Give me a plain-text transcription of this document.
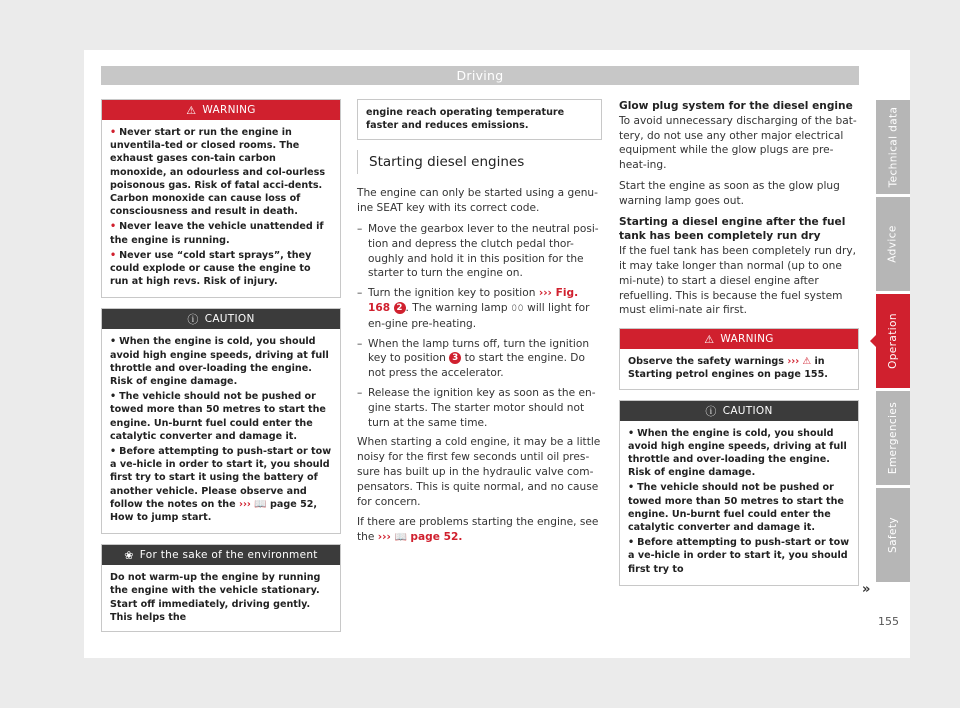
Driving
⚠ WARNING

• Never start or run the engine in unventila-ted or closed rooms. The exhaust gases con-tain carbon monoxide, an odourless and col-ourless poisonous gas. Risk of fatal acci-dents. Carbon monoxide can cause loss of consciousness and result in death.

• Never leave the vehicle unattended if the engine is running.

• Never use “cold start sprays”, they could explode or cause the engine to run at high revs. Risk of injury.

ⓘ CAUTION

• When the engine is cold, you should avoid high engine speeds, driving at full throttle and over-loading the engine. Risk of engine damage.

• The vehicle should not be pushed or towed more than 50 metres to start the engine. Un-burnt fuel could enter the catalytic converter and damage it.

• Before attempting to push-start or tow a ve-hicle in order to start it, you should first try to start it using the battery of another vehicle. Please observe and follow the notes on the ››› 📖 page 52, How to jump start.

❀ For the sake of the environment
Do not warm-up the engine by running the engine with the vehicle stationary. Start off immediately, driving gently. This helps the
engine reach operating temperature faster and reduces emissions.
Starting diesel engines

The engine can only be started using a genu-ine SEAT key with its correct code.

– Move the gearbox lever to the neutral posi-tion and depress the clutch pedal thor-oughly and hold it in this position for the starter to turn the engine on.
– Turn the ignition key to position ››› Fig. 168 2 . The warning lamp 𝟶𝟶 will light for en-gine pre-heating.
– When the lamp turns off, turn the ignition key to position 3 to start the engine. Do not press the accelerator.
– Release the ignition key as soon as the en-gine starts. The starter motor should not turn at the same time.

When starting a cold engine, it may be a little noisy for the first few seconds until oil pres-sure has built up in the hydraulic valve com-pensators. This is quite normal, and no cause for concern.

If there are problems starting the engine, see the ››› 📖 page 52.

Glow plug system for the diesel engine

To avoid unnecessary discharging of the bat-tery, do not use any other major electrical equipment while the glow plugs are pre-heat-ing.

Start the engine as soon as the glow plug warning lamp goes out.

Starting a diesel engine after the fuel tank has been completely run dry

If the fuel tank has been completely run dry, it may take longer than normal (up to one mi-nute) to start a diesel engine after refuelling. This is because the fuel system must elimi-nate air first.

⚠ WARNING
Observe the safety warnings ››› ⚠ in Starting petrol engines on page 155.
ⓘ CAUTION

• When the engine is cold, you should avoid high engine speeds, driving at full throttle and over-loading the engine. Risk of engine damage.

• The vehicle should not be pushed or towed more than 50 metres to start the engine. Un-burnt fuel could enter the catalytic converter and damage it.

• Before attempting to push-start or tow a ve-hicle in order to start it, you should first try to

»
Technical data
Advice
Operation
Emergencies
Safety
155
